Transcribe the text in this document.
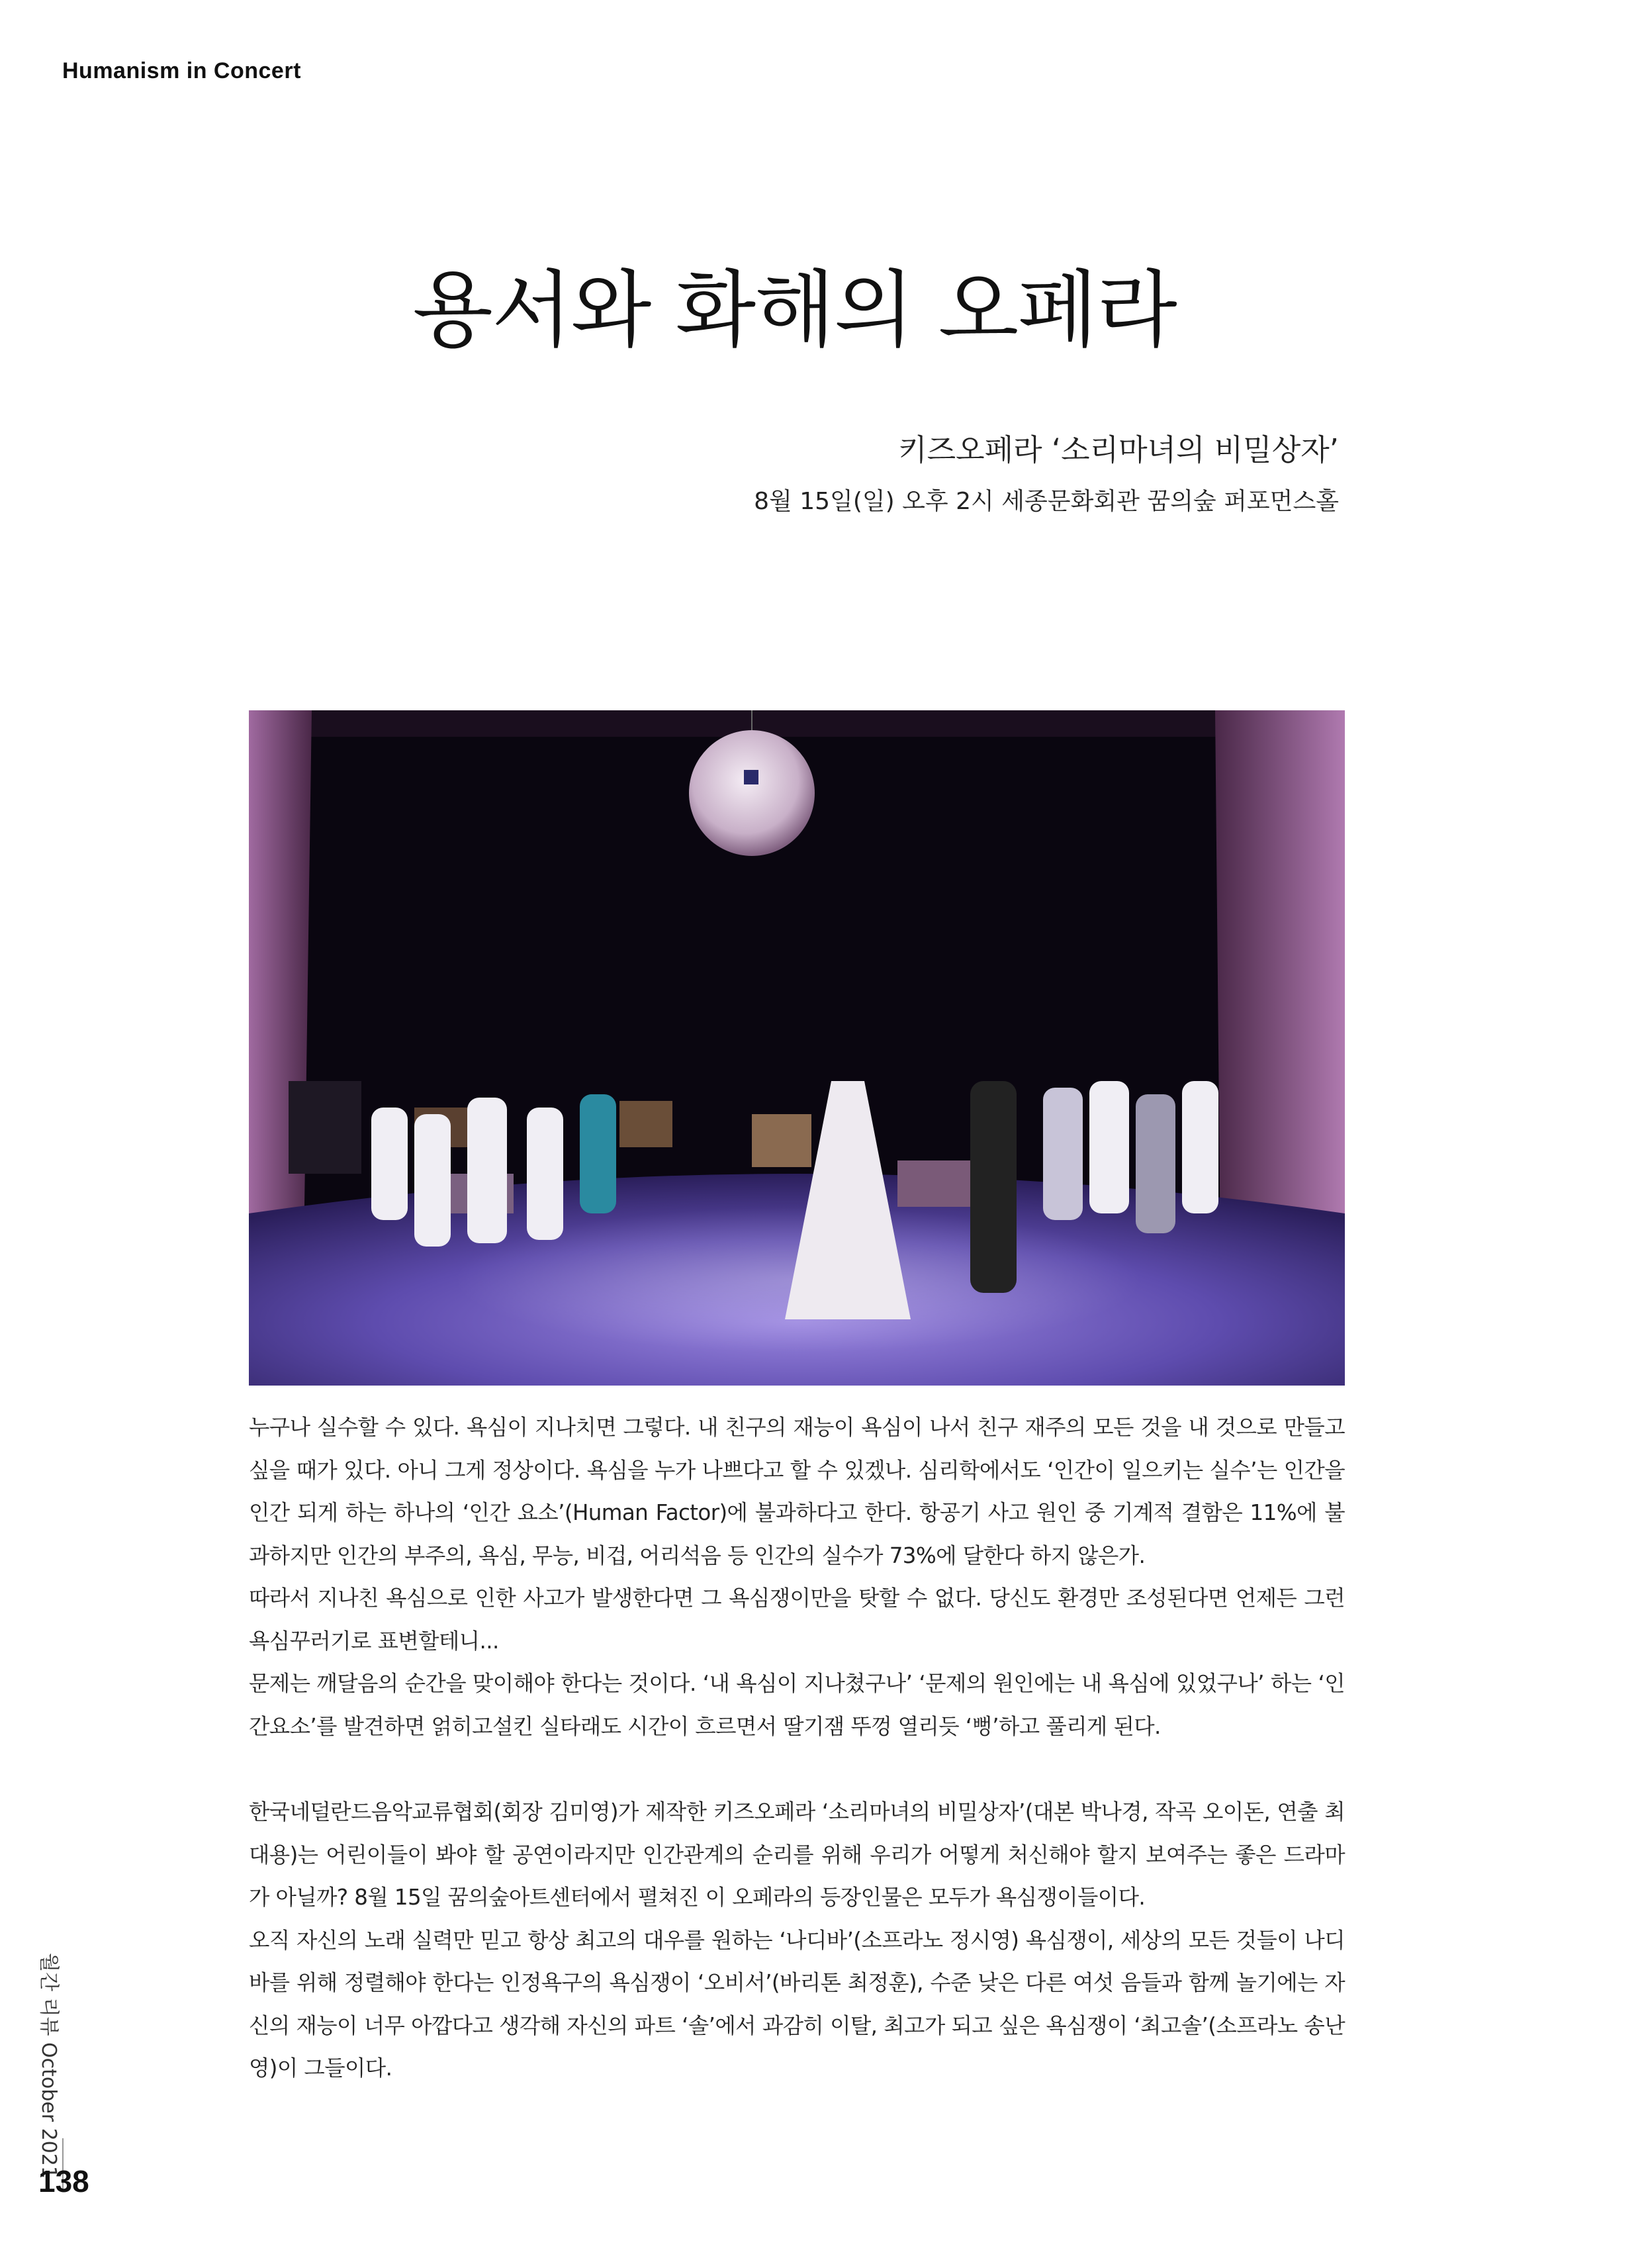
Humanism in Concert
용서와 화해의 오페라
키즈오페라 ‘소리마녀의 비밀상자’
8월 15일(일) 오후 2시 세종문화회관 꿈의숲 퍼포먼스홀
누구나 실수할 수 있다. 욕심이 지나치면 그렇다. 내 친구의 재능이 욕심이 나서 친구 재주의 모든 것을 내 것으로 만들고 싶을 때가 있다. 아니 그게 정상이다. 욕심을 누가 나쁘다고 할 수 있겠나. 심리학에서도 ‘인간이 일으키는 실수’는 인간을 인간 되게 하는 하나의 ‘인간 요소’(Human Factor)에 불과하다고 한다. 항공기 사고 원인 중 기계적 결함은 11%에 불과하지만 인간의 부주의, 욕심, 무능, 비겁, 어리석음 등 인간의 실수가 73%에 달한다 하지 않은가.
따라서 지나친 욕심으로 인한 사고가 발생한다면 그 욕심쟁이만을 탓할 수 없다. 당신도 환경만 조성된다면 언제든 그런 욕심꾸러기로 표변할테니...
문제는 깨달음의 순간을 맞이해야 한다는 것이다. ‘내 욕심이 지나쳤구나’ ‘문제의 원인에는 내 욕심에 있었구나’ 하는 ‘인간요소’를 발견하면 얽히고설킨 실타래도 시간이 흐르면서 딸기잼 뚜껑 열리듯 ‘뻥’하고 풀리게 된다.
한국네덜란드음악교류협회(회장 김미영)가 제작한 키즈오페라 ‘소리마녀의 비밀상자’(대본 박나경, 작곡 오이돈, 연출 최대용)는 어린이들이 봐야 할 공연이라지만 인간관계의 순리를 위해 우리가 어떻게 처신해야 할지 보여주는 좋은 드라마가 아닐까? 8월 15일 꿈의숲아트센터에서 펼쳐진 이 오페라의 등장인물은 모두가 욕심쟁이들이다.
오직 자신의 노래 실력만 믿고 항상 최고의 대우를 원하는 ‘나디바’(소프라노 정시영) 욕심쟁이, 세상의 모든 것들이 나디바를 위해 정렬해야 한다는 인정욕구의 욕심쟁이 ‘오비서’(바리톤 최정훈), 수준 낮은 다른 여섯 음들과 함께 놀기에는 자신의 재능이 너무 아깝다고 생각해 자신의 파트 ‘솔’에서 과감히 이탈, 최고가 되고 싶은 욕심쟁이 ‘최고솔’(소프라노 송난영)이 그들이다.
월간 리뷰 October 2021
138
